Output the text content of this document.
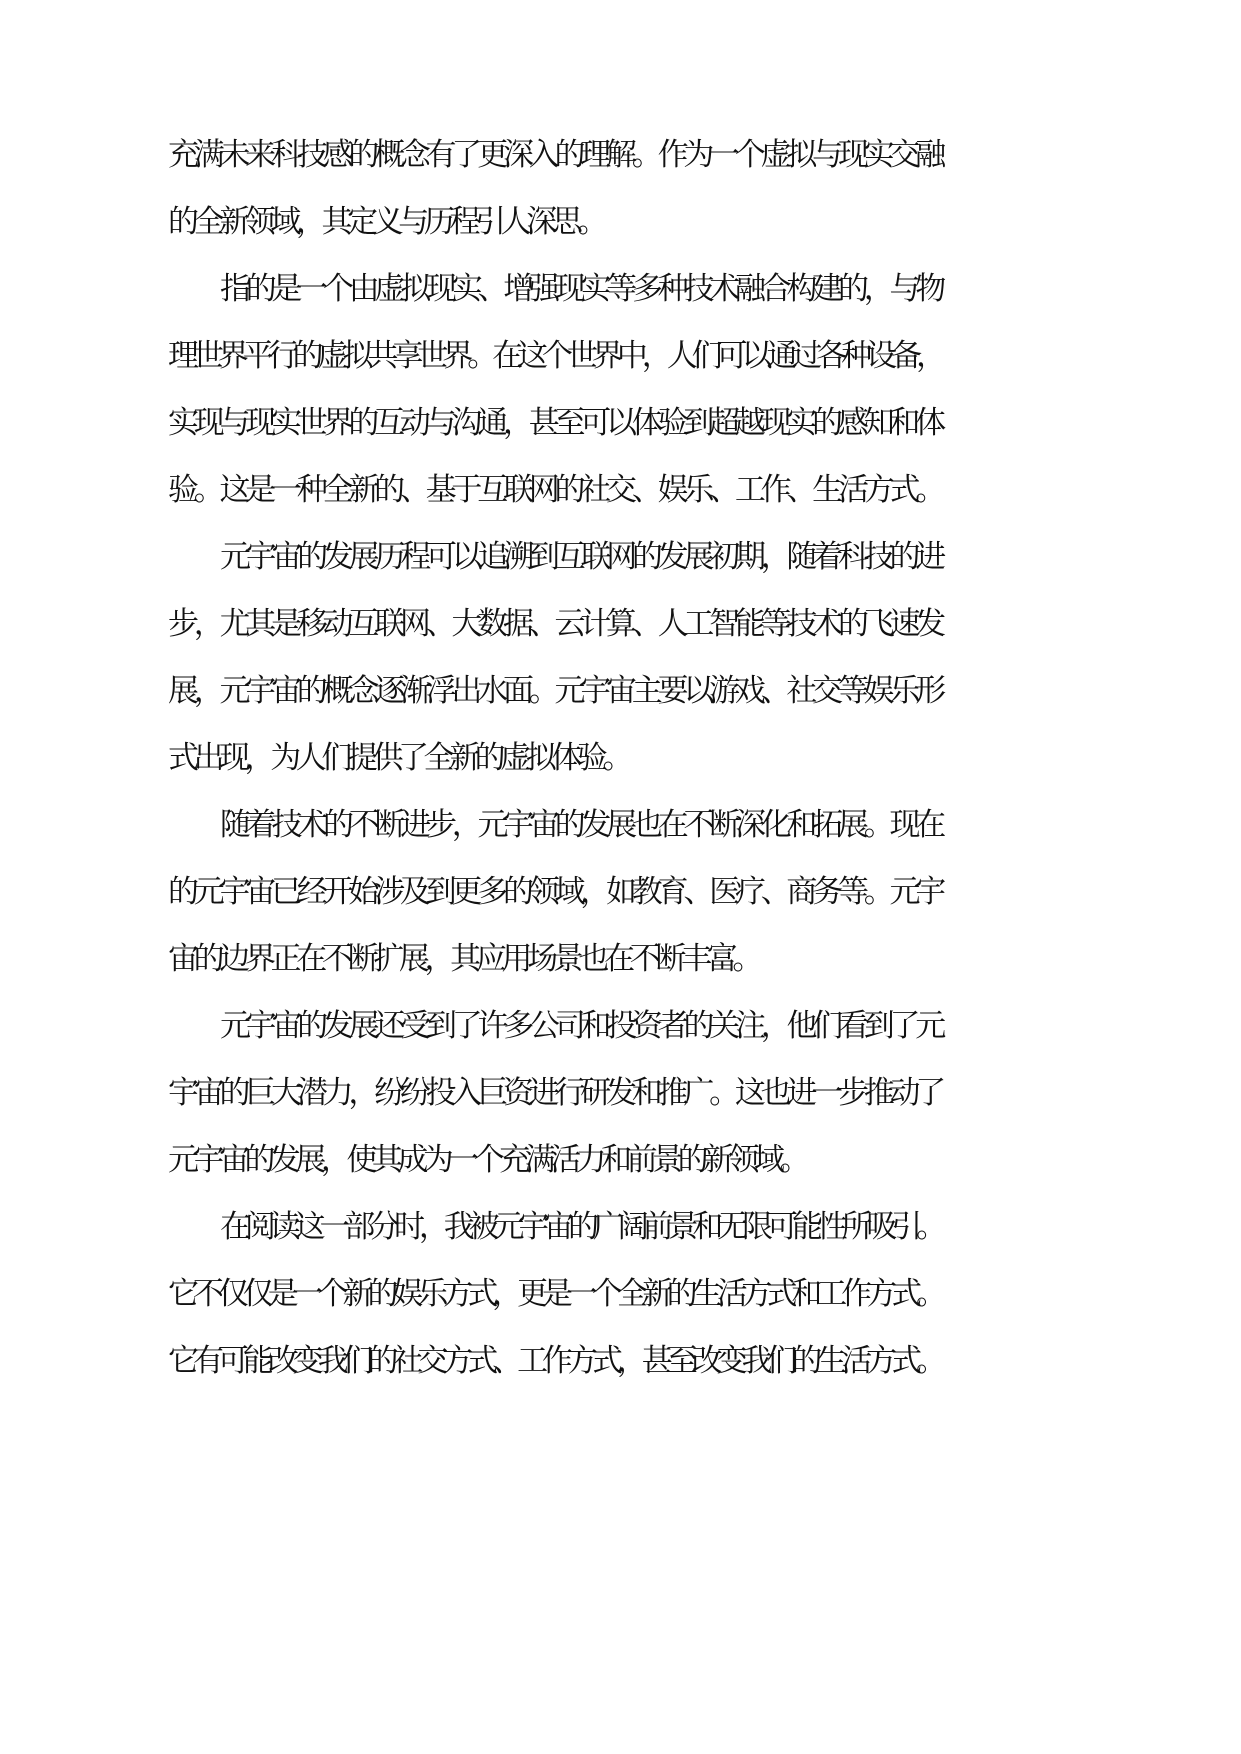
充满未来科技感的概念有了更深入的理解。作为一个虚拟与现实交融

的全新领域，其定义与历程引人深思。

指的是一个由虚拟现实、增强现实等多种技术融合构建的，与物

理世界平行的虚拟共享世界。在这个世界中，人们可以通过各种设备，

实现与现实世界的互动与沟通，甚至可以体验到超越现实的感知和体

验。这是一种全新的、基于互联网的社交、娱乐、工作、生活方式。

元宇宙的发展历程可以追溯到互联网的发展初期，随着科技的进

步，尤其是移动互联网、大数据、云计算、人工智能等技术的飞速发

展，元宇宙的概念逐渐浮出水面。元宇宙主要以游戏、社交等娱乐形

式出现，为人们提供了全新的虚拟体验。

随着技术的不断进步，元宇宙的发展也在不断深化和拓展。现在

的元宇宙已经开始涉及到更多的领域，如教育、医疗、商务等。元宇

宙的边界正在不断扩展，其应用场景也在不断丰富。

元宇宙的发展还受到了许多公司和投资者的关注，他们看到了元

宇宙的巨大潜力，纷纷投入巨资进行研发和推广。这也进一步推动了

元宇宙的发展，使其成为一个充满活力和前景的新领域。

在阅读这一部分时，我被元宇宙的广阔前景和无限可能性所吸引。

它不仅仅是一个新的娱乐方式，更是一个全新的生活方式和工作方式。

它有可能改变我们的社交方式、工作方式，甚至改变我们的生活方式。
